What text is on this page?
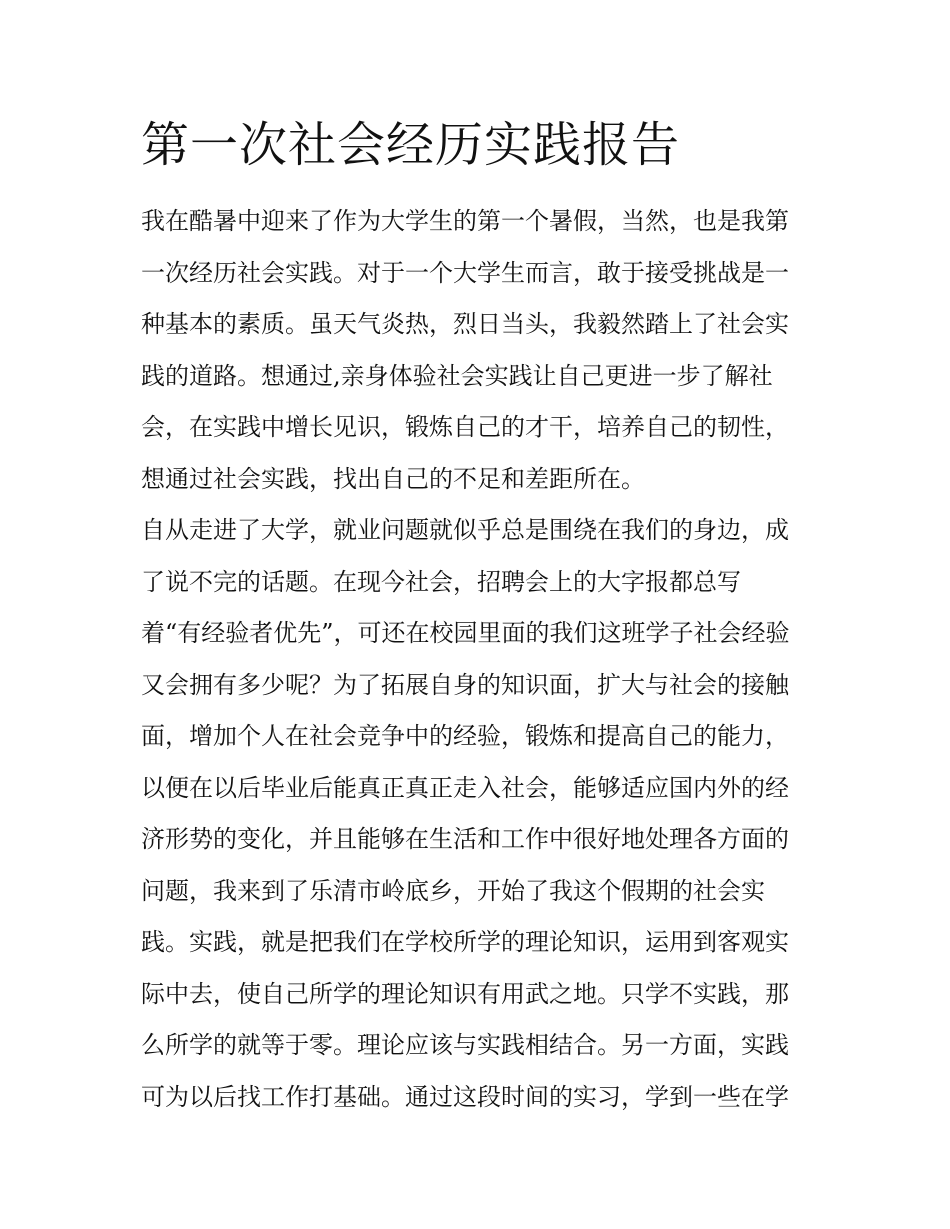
第一次社会经历实践报告
我在酷暑中迎来了作为大学生的第一个暑假，当然，也是我第
一次经历社会实践。对于一个大学生而言，敢于接受挑战是一
种基本的素质。虽天气炎热，烈日当头，我毅然踏上了社会实
践的道路。想通过,亲身体验社会实践让自己更进一步了解社
会，在实践中增长见识，锻炼自己的才干，培养自己的韧性，
想通过社会实践，找出自己的不足和差距所在。
自从走进了大学，就业问题就似乎总是围绕在我们的身边，成
了说不完的话题。在现今社会，招聘会上的大字报都总写
着“有经验者优先”，可还在校园里面的我们这班学子社会经验
又会拥有多少呢？为了拓展自身的知识面，扩大与社会的接触
面，增加个人在社会竞争中的经验，锻炼和提高自己的能力，
以便在以后毕业后能真正真正走入社会，能够适应国内外的经
济形势的变化，并且能够在生活和工作中很好地处理各方面的
问题，我来到了乐清市岭底乡，开始了我这个假期的社会实
践。实践，就是把我们在学校所学的理论知识，运用到客观实
际中去，使自己所学的理论知识有用武之地。只学不实践，那
么所学的就等于零。理论应该与实践相结合。另一方面，实践
可为以后找工作打基础。通过这段时间的实习，学到一些在学
